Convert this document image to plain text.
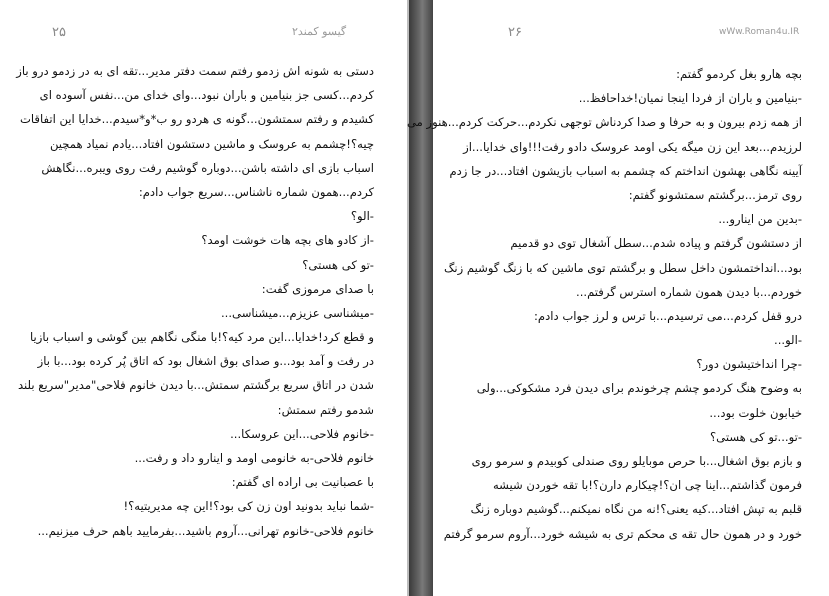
۲۵	گیسو کمند۲	۲۶	wWw.Roman4u.IR

دستی به شونه اش زدمو رفتم سمت دفتر مدیر...تقه ای به در زدمو درو باز

کردم...کسی جز بنیامین و باران نبود...وای خدای من...نفس آسوده ای

کشیدم و رفتم سمتشون...گونه ی هردو رو ب*و*سیدم...خدایا این اتفاقات

چیه؟!چشمم به عروسک و ماشین دستشون افتاد...یادم نمیاد همچین

اسباب بازی ای داشته باشن...دوباره گوشیم رفت روی ویبره...نگاهش

کردم...همون شماره ناشناس...سریع جواب دادم:

-الو؟

-از کادو های بچه هات خوشت اومد؟

-تو کی هستی؟

با صدای مرموزی گفت:

-میشناسی عزیزم...میشناسی...

و قطع کرد!خدایا...این مرد کیه؟!با منگی نگاهم بین گوشی و اسباب بازیا

در رفت و آمد بود...و صدای بوق اشغال بود که اتاق پُر کرده بود...با باز

شدن در اتاق سریع برگشتم سمتش...با دیدن خانوم فلاحی"مدیر"سریع بلند

شدمو رفتم سمتش:

-خانوم فلاحی...این عروسکا...

خانوم فلاحی-به خانومی اومد و اینارو داد و رفت...

با عصبانیت بی اراده ای گفتم:

-شما نباید بدونید اون زن کی بود؟!این چه مدیریتیه؟!

خانوم فلاحی-خانوم تهرانی...آروم باشید...بفرمایید باهم حرف میزنیم...

بچه هارو بغل کردمو گفتم:

-بنیامین و باران از فردا اینجا نمیان!خداحافظ...

از همه زدم بیرون و به حرفا و صدا کردناش توجهی نکردم...حرکت کردم...هنوز می

لرزیدم...بعد این زن میگه یکی اومد عروسک دادو رفت!!!وای خدایا...از

آیینه نگاهی بهشون انداختم که چشمم به اسباب بازیشون افتاد...در جا زدم

روی ترمز...برگشتم سمتشونو گفتم:

-بدین من اینارو...

از دستشون گرفتم و پیاده شدم...سطل آشغال توی دو قدمیم

بود...انداختمشون داخل سطل و برگشتم توی ماشین که با زنگ گوشیم زنگ

خوردم...با دیدن همون شماره استرس گرفتم...

درو قفل کردم...می ترسیدم...با ترس و لرز جواب دادم:

-الو...

-چرا انداختیشون دور؟

به وضوح هنگ کردمو چشم چرخوندم برای دیدن فرد مشکوکی...ولی

خیابون خلوت بود...

-تو...تو کی هستی؟

و بازم بوق اشغال...با حرص موبایلو روی صندلی کوبیدم و سرمو روی

فرمون گذاشتم...اینا چی ان؟!چیکارم دارن؟!با تقه خوردن شیشه

قلبم به تپش افتاد...کیه یعنی؟!نه من نگاه نمیکنم...گوشیم دوباره زنگ

خورد و در همون حال تقه ی محکم تری به شیشه خورد...آروم سرمو گرفتم
